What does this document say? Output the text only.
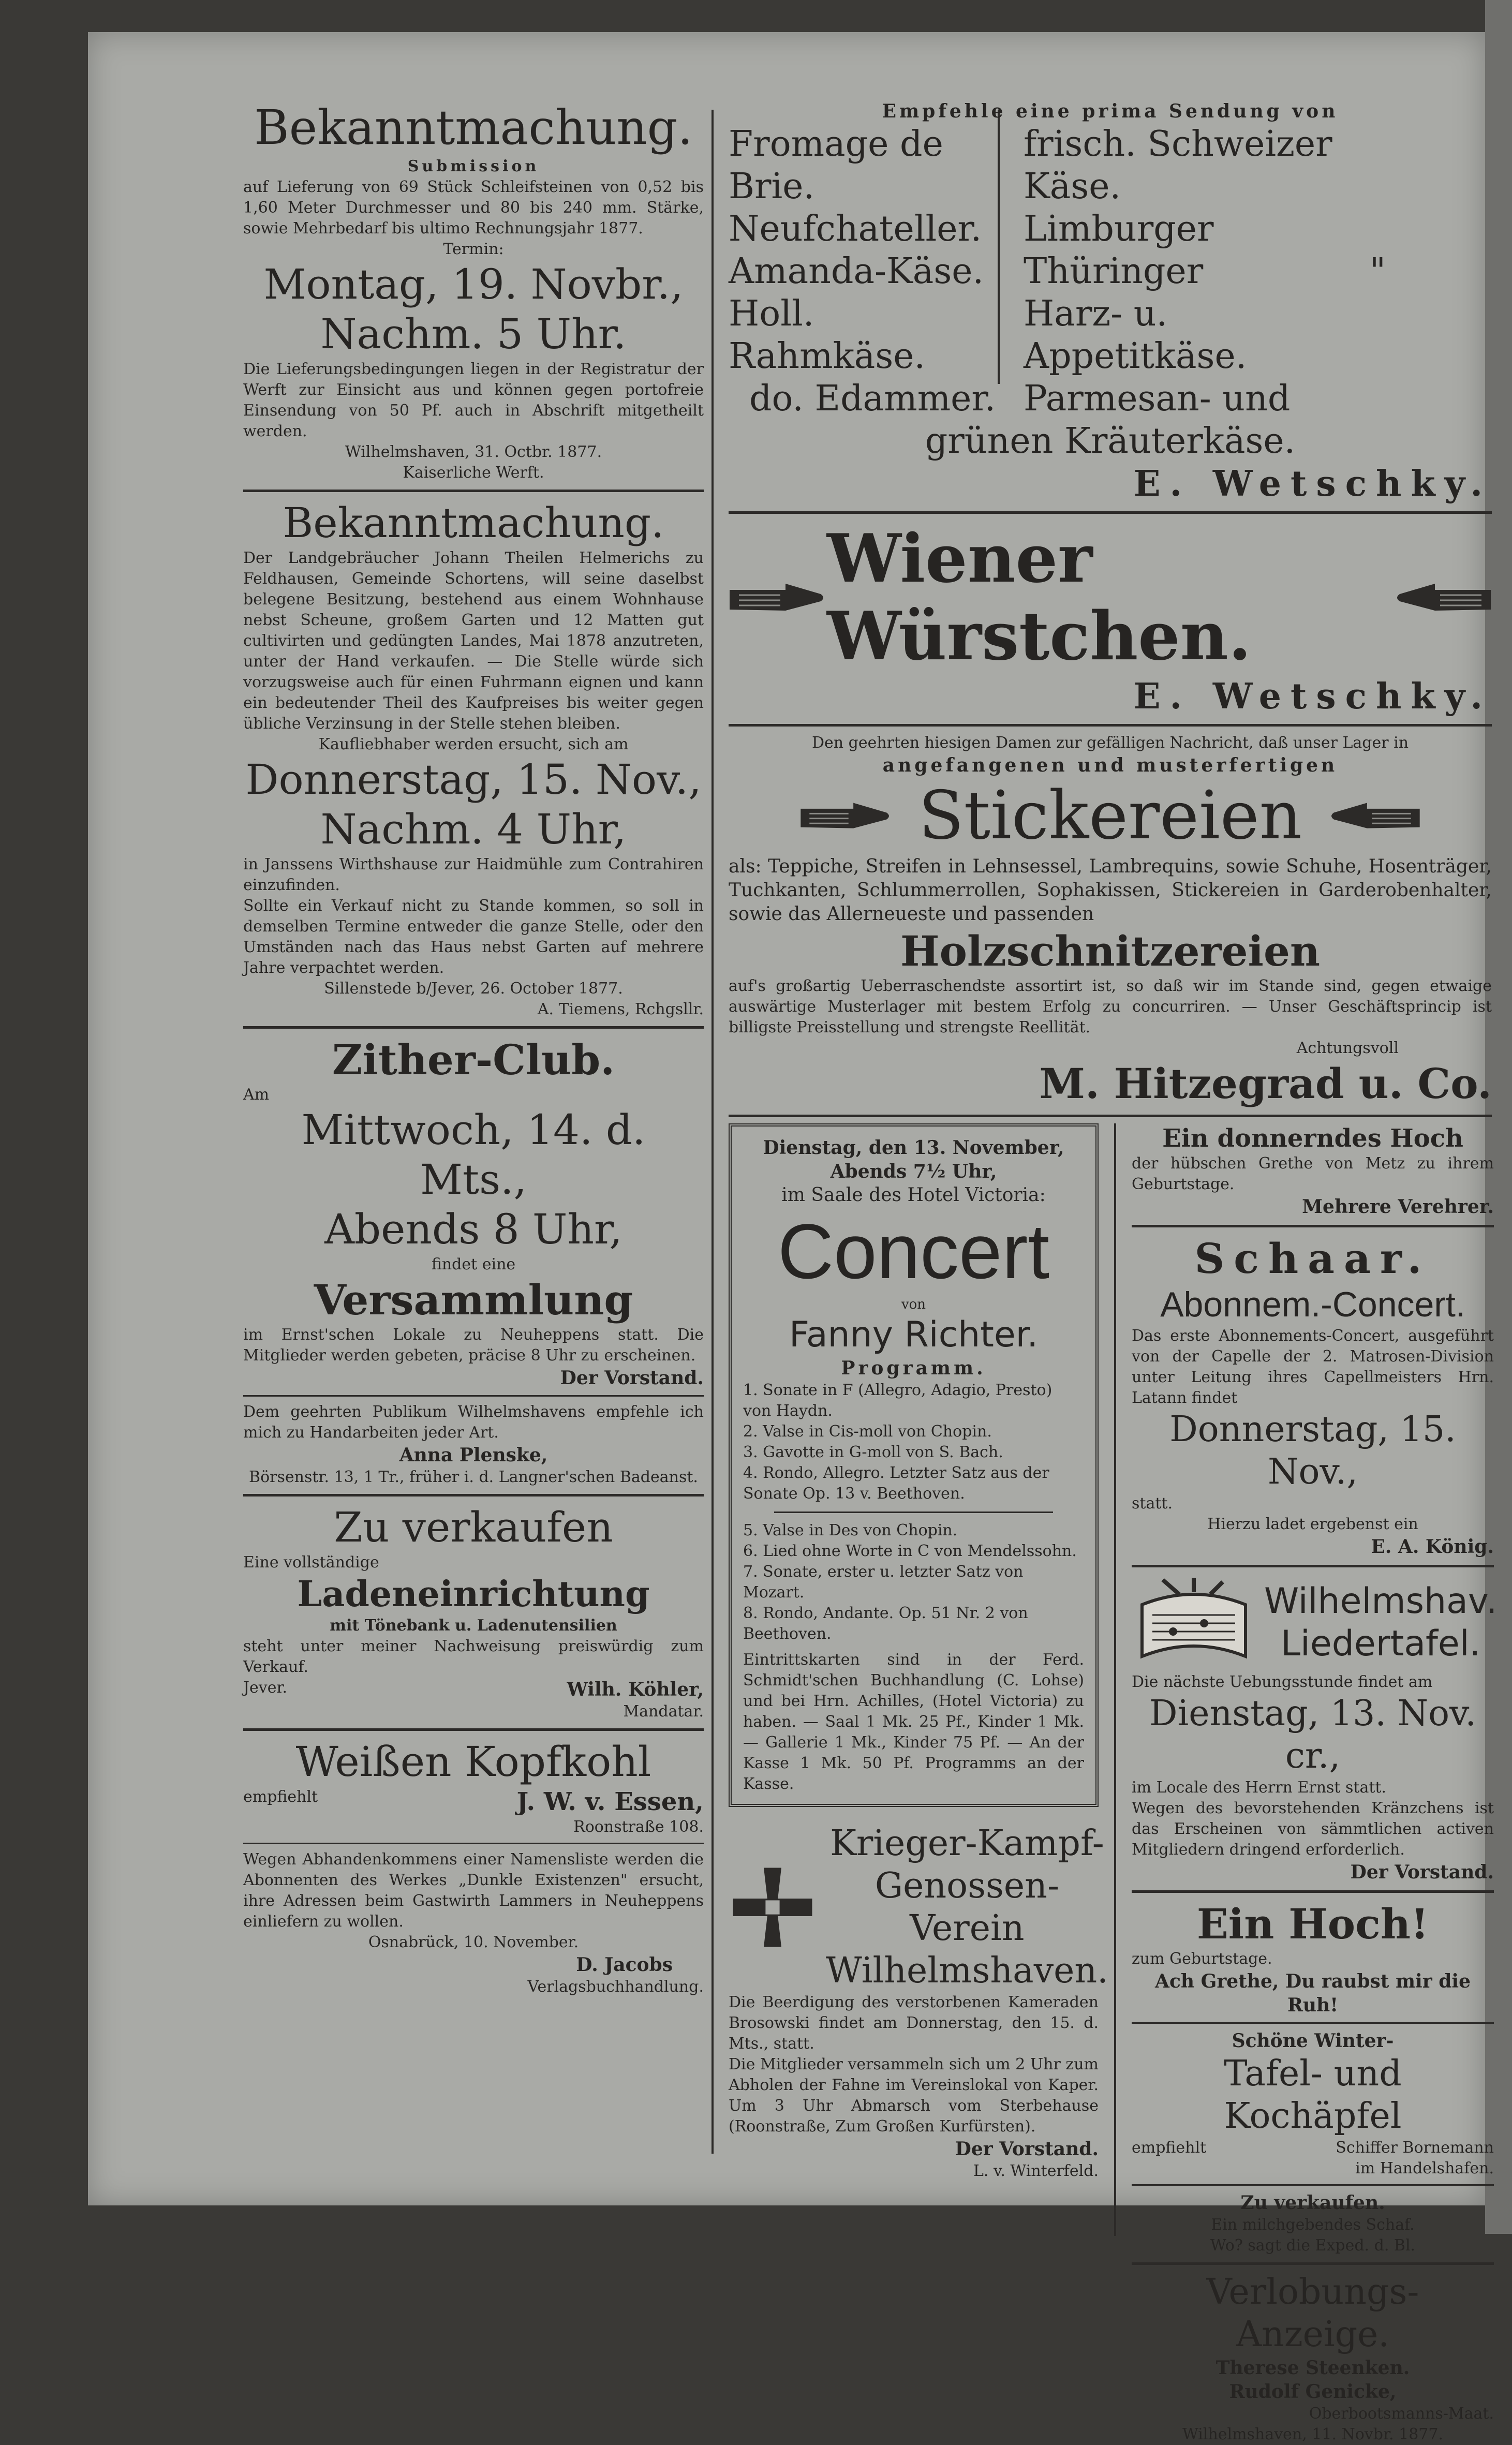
Bekanntmachung.

Submission

auf Lieferung von 69 Stück Schleifsteinen von 0,52 bis 1,60 Meter Durchmesser und 80 bis 240 mm. Stärke, sowie Mehrbedarf bis ultimo Rechnungsjahr 1877.

Termin:

Montag, 19. Novbr.,

Nachm. 5 Uhr.

Die Lieferungsbedingungen liegen in der Registratur der Werft zur Einsicht aus und können gegen portofreie Einsendung von 50 Pf. auch in Abschrift mitgetheilt werden.

Wilhelmshaven, 31. Octbr. 1877.

Kaiserliche Werft.

Bekanntmachung.

Der Landgebräucher Johann Theilen Helmerichs zu Feldhausen, Gemeinde Schortens, will seine daselbst belegene Besitzung, bestehend aus einem Wohnhause nebst Scheune, großem Garten und 12 Matten gut cultivirten und gedüngten Landes, Mai 1878 anzutreten, unter der Hand verkaufen. — Die Stelle würde sich vorzugsweise auch für einen Fuhrmann eignen und kann ein bedeutender Theil des Kaufpreises bis weiter gegen übliche Verzinsung in der Stelle stehen bleiben.

Kaufliebhaber werden ersucht, sich am

Donnerstag, 15. Nov.,

Nachm. 4 Uhr,

in Janssens Wirthshause zur Haidmühle zum Contrahiren einzufinden.

Sollte ein Verkauf nicht zu Stande kommen, so soll in demselben Termine entweder die ganze Stelle, oder den Umständen nach das Haus nebst Garten auf mehrere Jahre verpachtet werden.

Sillenstede b/Jever, 26. October 1877.

A. Tiemens, Rchgsllr.

Zither-Club.

Am

Mittwoch, 14. d. Mts.,

Abends 8 Uhr,

findet eine

Versammlung

im Ernst'schen Lokale zu Neuheppens statt. Die Mitglieder werden gebeten, präcise 8 Uhr zu erscheinen.

Der Vorstand.

Dem geehrten Publikum Wilhelmshavens empfehle ich mich zu Handarbeiten jeder Art.

Anna Plenske,

Börsenstr. 13, 1 Tr., früher i. d. Langner'schen Badeanst.

Zu verkaufen

Eine vollständige

Ladeneinrichtung

mit Tönebank u. Ladenutensilien

steht unter meiner Nachweisung preiswürdig zum Verkauf.

Jever.	Wilh. Köhler,

Mandatar.

Weißen Kopfkohl

empfiehlt	J. W. v. Essen,

Roonstraße 108.

Wegen Abhandenkommens einer Namensliste werden die Abonnenten des Werkes „Dunkle Existenzen" ersucht, ihre Adressen beim Gastwirth Lammers in Neuheppens einliefern zu wollen.

Osnabrück, 10. November.

D. Jacobs

Verlagsbuchhandlung.

Empfehle eine prima Sendung von

Fromage de Brie.

Neufchateller.

Amanda-Käse.

Holl. Rahmkäse.

do. Edammer.

frisch. Schweizer Käse.

Limburger

Thüringer	"

Harz- u. Appetitkäse.

Parmesan- und

grünen Kräuterkäse.

E. Wetschky.

Wiener Würstchen.

E. Wetschky.

Den geehrten hiesigen Damen zur gefälligen Nachricht, daß unser Lager in

angefangenen und musterfertigen

Stickereien

als: Teppiche, Streifen in Lehnsessel, Lambrequins, sowie Schuhe, Hosenträger, Tuchkanten, Schlummerrollen, Sophakissen, Stickereien in Garderobenhalter, sowie das Allerneueste und passenden

Holzschnitzereien

auf's großartig Ueberraschendste assortirt ist, so daß wir im Stande sind, gegen etwaige auswärtige Musterlager mit bestem Erfolg zu concurriren. — Unser Geschäftsprincip ist billigste Preisstellung und strengste Reellität.

Achtungsvoll

M. Hitzegrad u. Co.

Dienstag, den 13. November,

Abends 7½ Uhr,

im Saale des Hotel Victoria:

Concert

von

Fanny Richter.

Programm.

1. Sonate in F (Allegro, Adagio, Presto) von Haydn.

2. Valse in Cis-moll von Chopin.

3. Gavotte in G-moll von S. Bach.

4. Rondo, Allegro. Letzter Satz aus der Sonate Op. 13 v. Beethoven.

5. Valse in Des von Chopin.

6. Lied ohne Worte in C von Mendelssohn.

7. Sonate, erster u. letzter Satz von Mozart.

8. Rondo, Andante. Op. 51 Nr. 2 von Beethoven.

Eintrittskarten sind in der Ferd. Schmidt'schen Buchhandlung (C. Lohse) und bei Hrn. Achilles, (Hotel Victoria) zu haben. — Saal 1 Mk. 25 Pf., Kinder 1 Mk. — Gallerie 1 Mk., Kinder 75 Pf. — An der Kasse 1 Mk. 50 Pf. Programms an der Kasse.

Krieger-Kampf-Genossen-Verein Wilhelmshaven.

Die Beerdigung des verstorbenen Kameraden Brosowski findet am Donnerstag, den 15. d. Mts., statt.

Die Mitglieder versammeln sich um 2 Uhr zum Abholen der Fahne im Vereinslokal von Kaper. Um 3 Uhr Abmarsch vom Sterbehause (Roonstraße, Zum Großen Kurfürsten).

Der Vorstand.

L. v. Winterfeld.

Ein donnerndes Hoch

der hübschen Grethe von Metz zu ihrem Geburtstage.

Mehrere Verehrer.

Schaar.

Abonnem.-Concert.

Das erste Abonnements-Concert, ausgeführt von der Capelle der 2. Matrosen-Division unter Leitung ihres Capellmeisters Hrn. Latann findet

Donnerstag, 15. Nov.,

statt.

Hierzu ladet ergebenst ein

E. A. König.

Wilhelmshav. Liedertafel.

Die nächste Uebungsstunde findet am

Dienstag, 13. Nov. cr.,

im Locale des Herrn Ernst statt.

Wegen des bevorstehenden Kränzchens ist das Erscheinen von sämmtlichen activen Mitgliedern dringend erforderlich.

Der Vorstand.

Ein Hoch!

zum Geburtstage.

Ach Grethe, Du raubst mir die Ruh!

Schöne Winter-

Tafel- und Kochäpfel

empfiehlt	Schiffer Bornemann

im Handelshafen.

Zu verkaufen.

Ein milchgebendes Schaf.

Wo? sagt die Exped. d. Bl.

Verlobungs-Anzeige.

Therese Steenken.

Rudolf Genicke,

Oberbootsmanns-Maat.

Wilhelmshaven, 11. Novbr. 1877.
